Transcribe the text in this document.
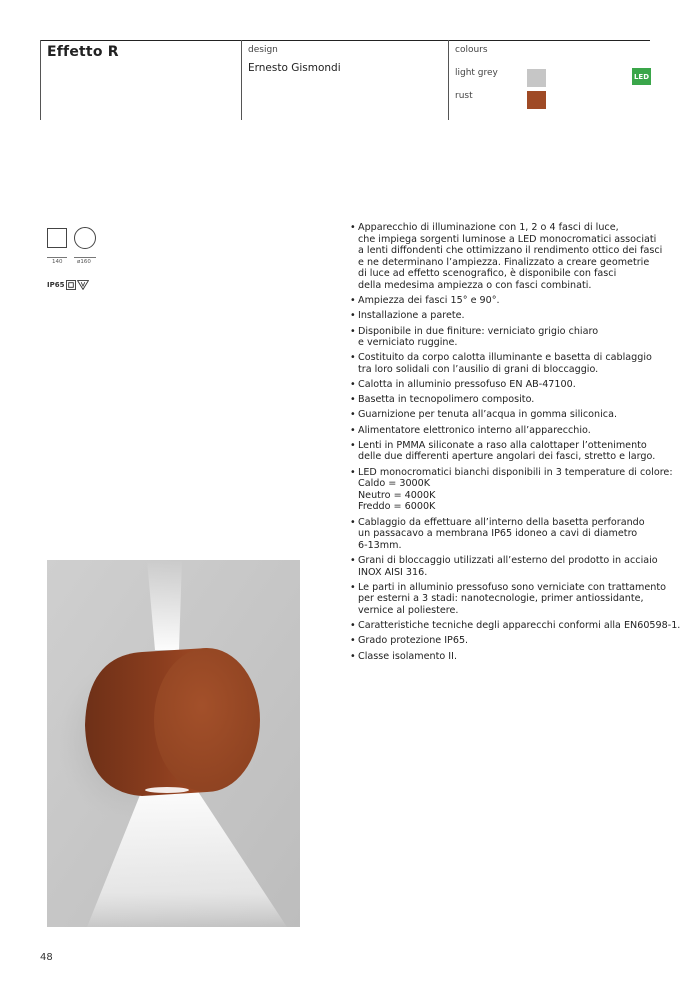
Effetto R	design
Ernesto Gismondi
colours
light grey
rust
LED
140	ø160
IP65
• Apparecchio di illuminazione con 1, 2 o 4 fasci di luce,
che impiega sorgenti luminose a LED monocromatici associati
a lenti diffondenti che ottimizzano il rendimento ottico dei fasci
e ne determinano l’ampiezza. Finalizzato a creare geometrie
di luce ad effetto scenografico, è disponibile con fasci
della medesima ampiezza o con fasci combinati.
• Ampiezza dei fasci 15° e 90°.
• Installazione a parete.
• Disponibile in due finiture: verniciato grigio chiaro
e verniciato ruggine.
• Costituito da corpo calotta illuminante e basetta di cablaggio
tra loro solidali con l’ausilio di grani di bloccaggio.
• Calotta in alluminio pressofuso EN AB-47100.
• Basetta in tecnopolimero composito.
• Guarnizione per tenuta all’acqua in gomma siliconica.
• Alimentatore elettronico interno all’apparecchio.
• Lenti in PMMA siliconate a raso alla calottaper l’ottenimento
delle due differenti aperture angolari dei fasci, stretto e largo.
• LED monocromatici bianchi disponibili in 3 temperature di colore:
Caldo = 3000K
Neutro = 4000K
Freddo = 6000K
• Cablaggio da effettuare all’interno della basetta perforando
un passacavo a membrana IP65 idoneo a cavi di diametro
6-13mm.
• Grani di bloccaggio utilizzati all’esterno del prodotto in acciaio
INOX AISI 316.
• Le parti in alluminio pressofuso sono verniciate con trattamento
per esterni a 3 stadi: nanotecnologie, primer antiossidante,
vernice al poliestere.
• Caratteristiche tecniche degli apparecchi conformi alla EN60598-1.
• Grado protezione IP65.
• Classe isolamento II.
48
